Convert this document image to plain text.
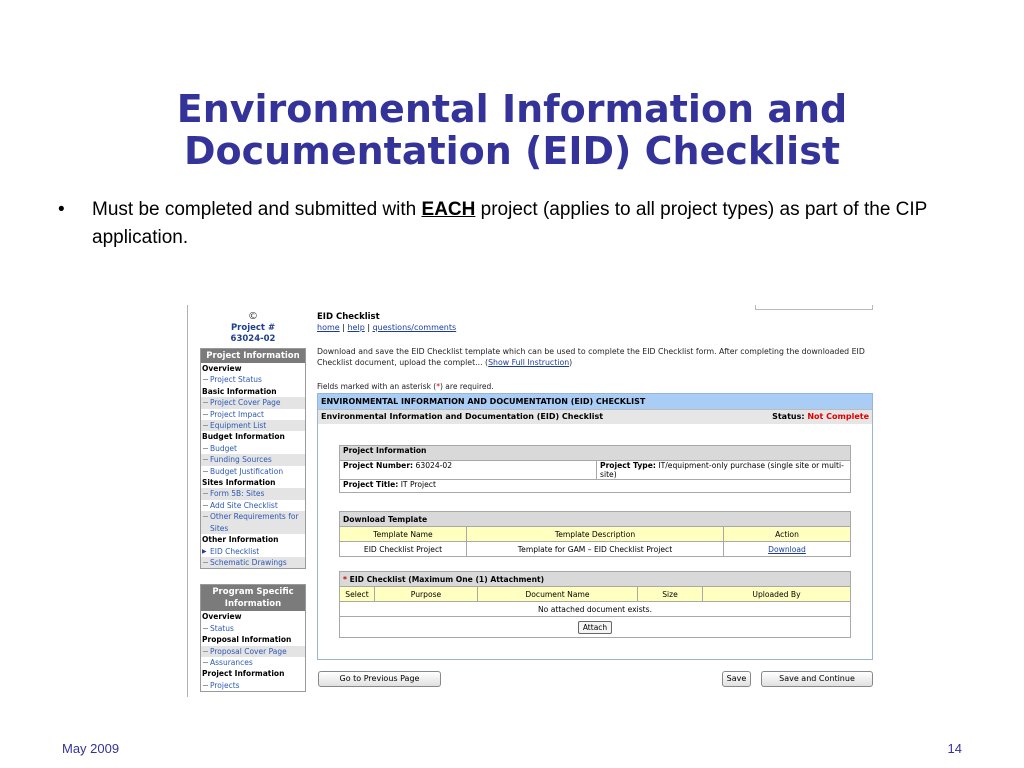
Environmental Information and
Documentation (EID) Checklist
• Must be completed and submitted with EACH project (applies to all project types) as part of the CIP application.
©
Project #
63024-02
Project Information
Overview
Project Status
Basic Information
Project Cover Page
Project Impact
Equipment List
Budget Information
Budget
Funding Sources
Budget Justification
Sites Information
Form 5B: Sites
Add Site Checklist
Other Requirements for Sites
Other Information
▶ EID Checklist
Schematic Drawings
Program Specific Information
Overview
Status
Proposal Information
Proposal Cover Page
Assurances
Project Information
Projects
EID Checklist
home | help | questions/comments
Download and save the EID Checklist template which can be used to complete the EID Checklist form. After completing the downloaded EID Checklist document, upload the complet... (Show Full Instruction)
Fields marked with an asterisk (*) are required.
ENVIRONMENTAL INFORMATION AND DOCUMENTATION (EID) CHECKLIST
Environmental Information and Documentation (EID) Checklist	Status: Not Complete
Project Information
Project Number: 63024-02	Project Type: IT/equipment-only purchase (single site or multi-site)
Project Title: IT Project
Download Template		
Template Name	Template Description	Action
EID Checklist Project	Template for GAM – EID Checklist Project	Download
* EID Checklist (Maximum One (1) Attachment)
Select	Purpose	Document Name	Size	Uploaded By
No attached document exists.
Attach
Go to Previous Page	Save	Save and Continue
May 2009	14
